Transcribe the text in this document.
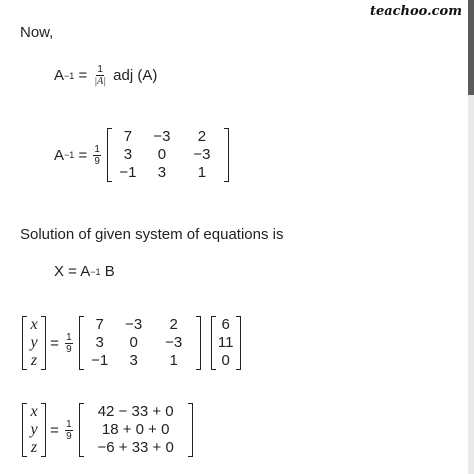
teachoo.com
Now,
$A -1 = \frac{1}{|A|}$ adj (A)
$A -1 = \frac{1}{9}$
7	−3	2
3	0	−3
−1	3	1
Solution of given system of equations is
X = A −1 B
x
y
z
= $\frac{1}{9}$
7	−3	2
3	0	−3
−1	3	1
6
11
0
x
y
z
= $\frac{1}{9}$
42 − 33 + 0
18 + 0 + 0
−6 + 33 + 0
